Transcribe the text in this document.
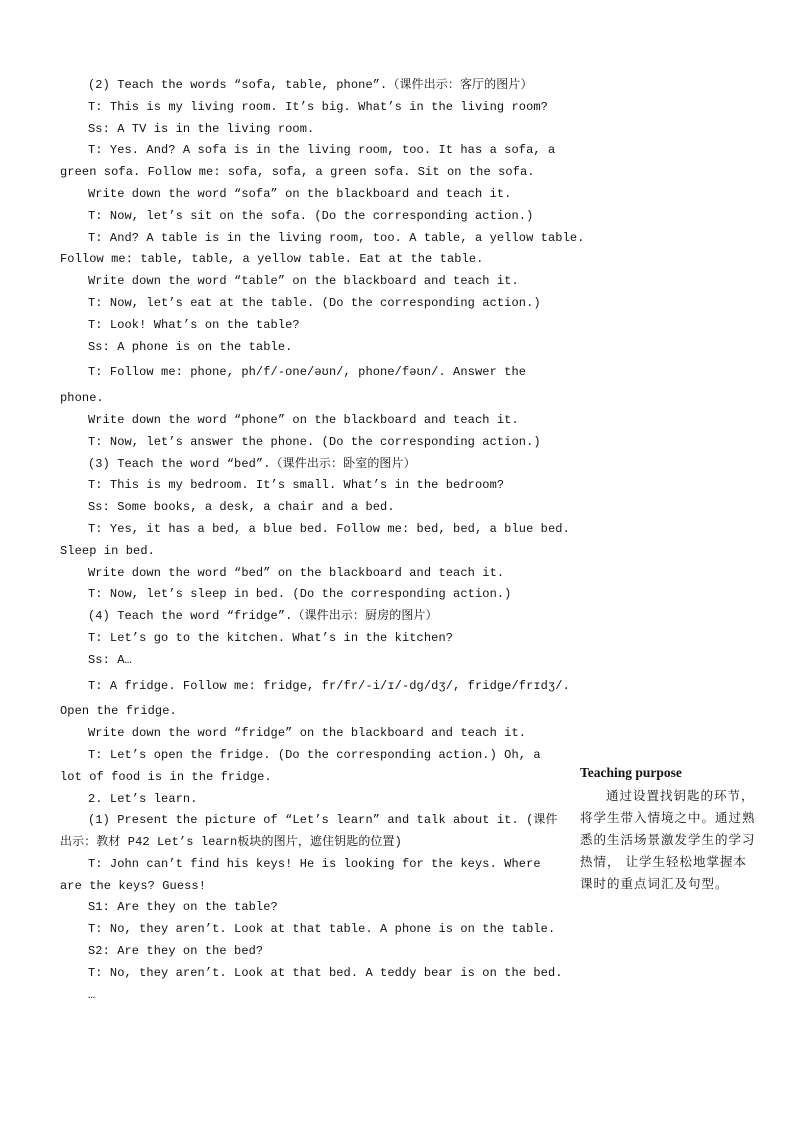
(2) Teach the words “sofa, table, phone”.（课件出示：客厅的图片）
T: This is my living room. It’s big. What’s in the living room?
Ss: A TV is in the living room.
T: Yes. And? A sofa is in the living room, too. It has a sofa, a
green sofa. Follow me: sofa, sofa, a green sofa. Sit on the sofa.
Write down the word “sofa” on the blackboard and teach it.
T: Now, let’s sit on the sofa. (Do the corresponding action.)
T: And? A table is in the living room, too. A table, a yellow table.
Follow me: table, table, a yellow table. Eat at the table.
Write down the word “table” on the blackboard and teach it.
T: Now, let’s eat at the table. (Do the corresponding action.)
T: Look! What’s on the table?
Ss: A phone is on the table.
T: Follow me: phone, ph/f/-one/əʊn/, phone/fəʊn/. Answer the
phone.
Write down the word “phone” on the blackboard and teach it.
T: Now, let’s answer the phone. (Do the corresponding action.)
(3) Teach the word “bed”.（课件出示：卧室的图片）
T: This is my bedroom. It’s small. What’s in the bedroom?
Ss: Some books, a desk, a chair and a bed.
T: Yes, it has a bed, a blue bed. Follow me: bed, bed, a blue bed.
Sleep in bed.
Write down the word “bed” on the blackboard and teach it.
T: Now, let’s sleep in bed. (Do the corresponding action.)
(4) Teach the word “fridge”.（课件出示：厨房的图片）
T: Let’s go to the kitchen. What’s in the kitchen?
Ss: A…
T: A fridge. Follow me: fridge, fr/fr/-i/ɪ/-dg/dʒ/, fridge/frɪdʒ/.
Open the fridge.
Write down the word “fridge” on the blackboard and teach it.
T: Let’s open the fridge. (Do the corresponding action.) Oh, a
lot of food is in the fridge.
2. Let’s learn.
(1) Present the picture of “Let’s learn” and talk about it. (课件
出示：教材 P42 Let’s learn板块的图片，遮住钥匙的位置)
T: John can’t find his keys! He is looking for the keys. Where
are the keys? Guess!
S1: Are they on the table?
T: No, they aren’t. Look at that table. A phone is on the table.
S2: Are they on the bed?
T: No, they aren’t. Look at that bed. A teddy bear is on the bed.
…
Teaching purpose
通过设置找钥匙的环节，将学生带入情境之中。通过熟悉的生活场景激发学生的学习热情， 让学生轻松地掌握本课时的重点词汇及句型。
